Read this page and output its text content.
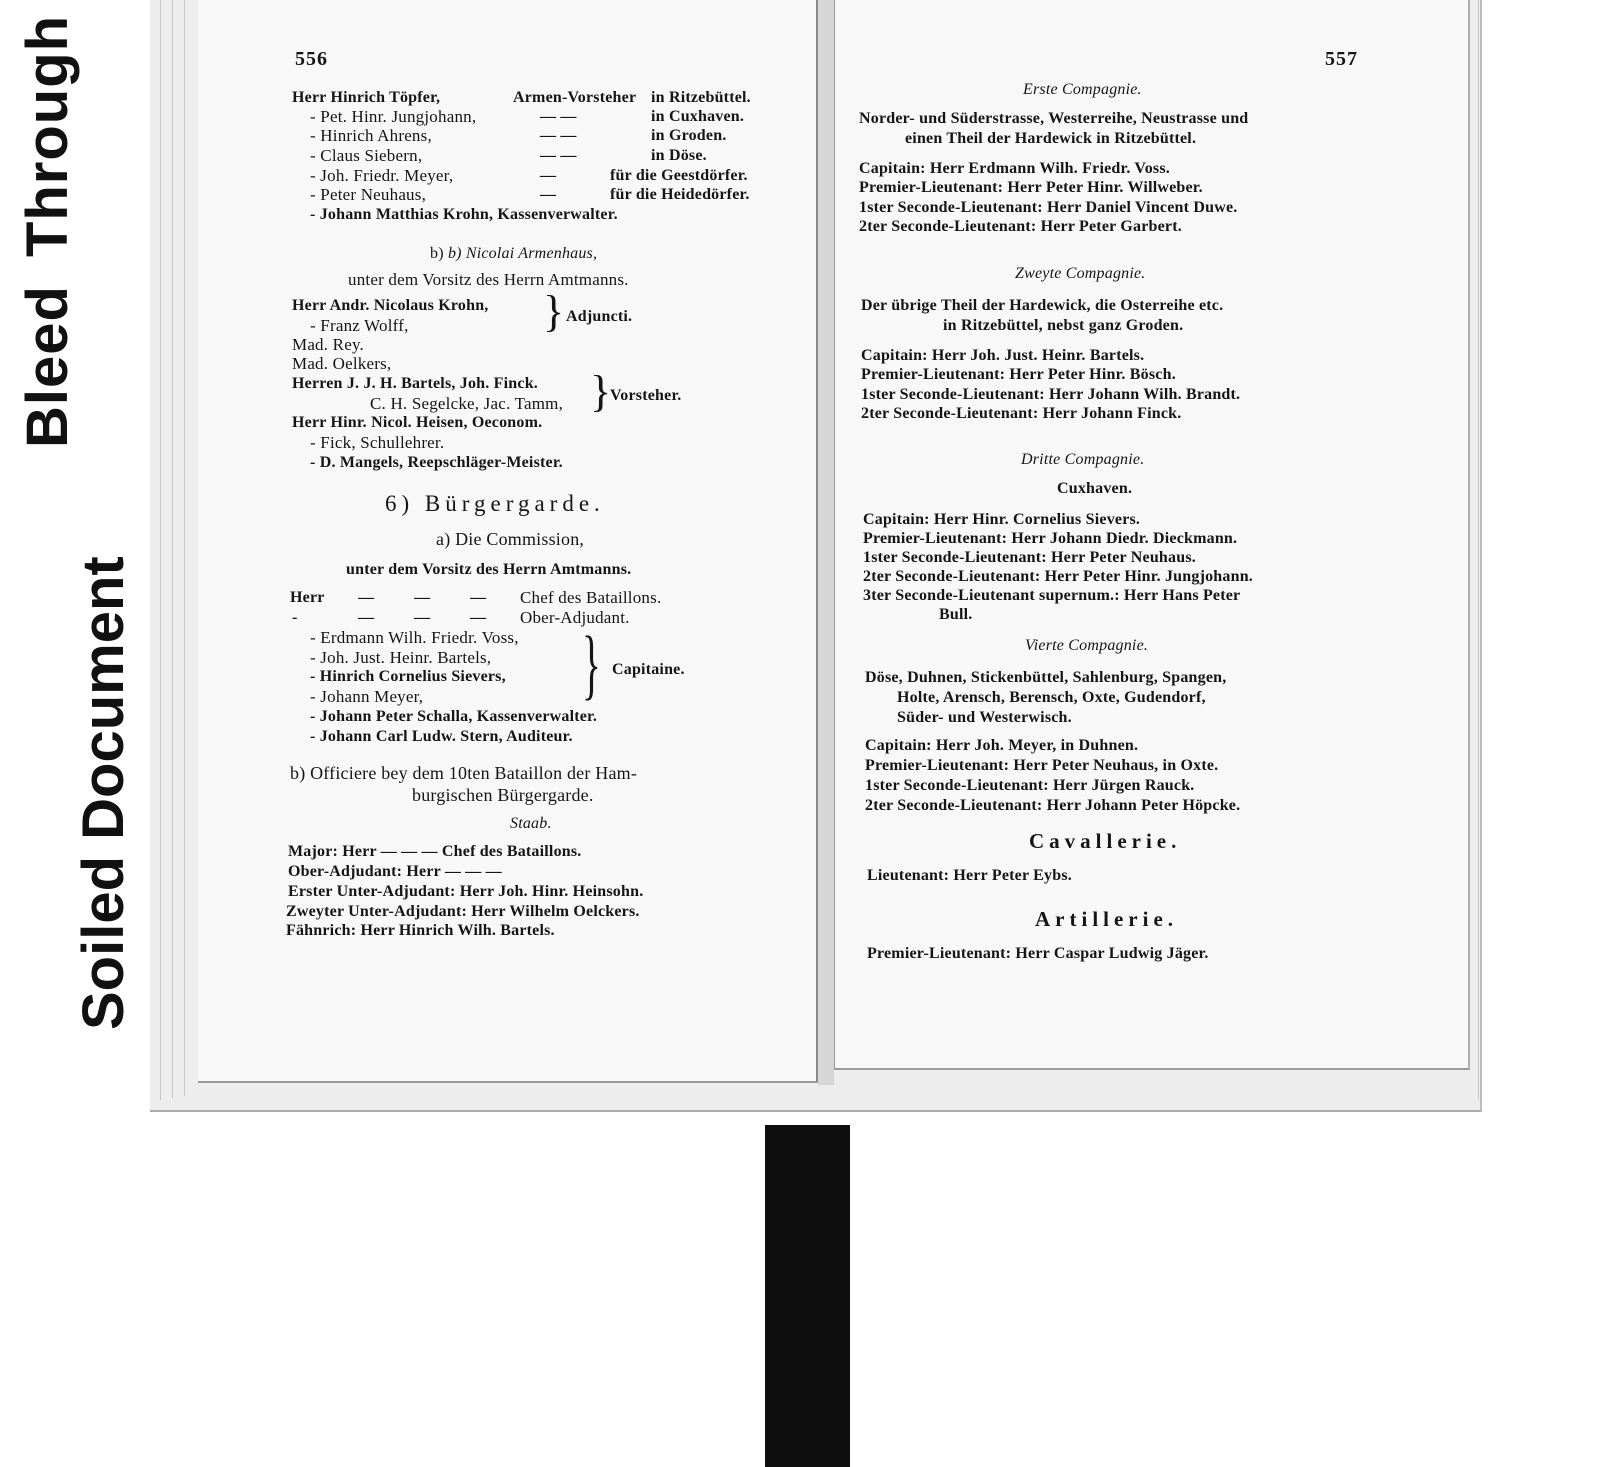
Soiled Document
BleedThrough	556
Herr Hinrich Töpfer,	Armen-Vorsteher in Ritzebüttel.
- Pet. Hinr. Jungjohann,	— —	in Cuxhaven.
- Hinrich Ahrens,	— —	in Groden.
- Claus Siebern,	— —	in Döse.
- Joh. Friedr. Meyer,	—	für die Geestdörfer.
- Peter Neuhaus,	—	für die Heidedörfer.
- Johann Matthias Krohn, Kassenverwalter.
b) b) Nicolai Armenhaus,
unter dem Vorsitz des Herrn Amtmanns.
Herr Andr. Nicolaus Krohn,
- Franz Wolff,	} Adjuncti.
Mad. Rey.
Mad. Oelkers,
Herren J. J. H. Bartels, Joh. Finck.
C. H. Segelcke, Jac. Tamm, }
Vorsteher.
Herr Hinr. Nicol. Heisen, Oeconom.
- Fick, Schullehrer.
- D. Mangels, Reepschläger-Meister.
6) Bürgergarde.
a) Die Commission,
unter dem Vorsitz des Herrn Amtmanns.
Herr — — — Chef des Bataillons.
-	— — — Ober-Adjudant.
- Erdmann Wilh. Friedr. Voss,
- Joh. Just. Heinr. Bartels,
- Hinrich Cornelius Sievers,
- Johann Meyer, } Capitaine.
- Johann Peter Schalla, Kassenverwalter.
- Johann Carl Ludw. Stern, Auditeur.
b) Officiere bey dem 10ten Bataillon der Ham-
burgischen Bürgergarde.
Staab.
Major: Herr — — — Chef des Bataillons.
Ober-Adjudant: Herr — — —
Erster Unter-Adjudant: Herr Joh. Hinr. Heinsohn.
Zweyter Unter-Adjudant: Herr Wilhelm Oelckers.
Fähnrich: Herr Hinrich Wilh. Bartels.
557
Erste Compagnie.
Norder- und Süderstrasse, Westerreihe, Neustrasse und
einen Theil der Hardewick in Ritzebüttel.
Capitain: Herr Erdmann Wilh. Friedr. Voss.
Premier-Lieutenant: Herr Peter Hinr. Willweber.
1ster Seconde-Lieutenant: Herr Daniel Vincent Duwe.
2ter Seconde-Lieutenant: Herr Peter Garbert.
Zweyte Compagnie.
Der übrige Theil der Hardewick, die Osterreihe etc.
in Ritzebüttel, nebst ganz Groden.
Capitain: Herr Joh. Just. Heinr. Bartels.
Premier-Lieutenant: Herr Peter Hinr. Bösch.
1ster Seconde-Lieutenant: Herr Johann Wilh. Brandt.
2ter Seconde-Lieutenant: Herr Johann Finck.
Dritte Compagnie.
Cuxhaven.
Capitain: Herr Hinr. Cornelius Sievers.
Premier-Lieutenant: Herr Johann Diedr. Dieckmann.
1ster Seconde-Lieutenant: Herr Peter Neuhaus.
2ter Seconde-Lieutenant: Herr Peter Hinr. Jungjohann.
3ter Seconde-Lieutenant supernum.: Herr Hans Peter
Bull.
Vierte Compagnie.
Döse, Duhnen, Stickenbüttel, Sahlenburg, Spangen,
Holte, Arensch, Berensch, Oxte, Gudendorf,
Süder- und Westerwisch.
Capitain: Herr Joh. Meyer, in Duhnen.
Premier-Lieutenant: Herr Peter Neuhaus, in Oxte.
1ster Seconde-Lieutenant: Herr Jürgen Rauck.
2ter Seconde-Lieutenant: Herr Johann Peter Höpcke.
Cavallerie.
Lieutenant: Herr Peter Eybs.
Artillerie.
Premier-Lieutenant: Herr Caspar Ludwig Jäger.
